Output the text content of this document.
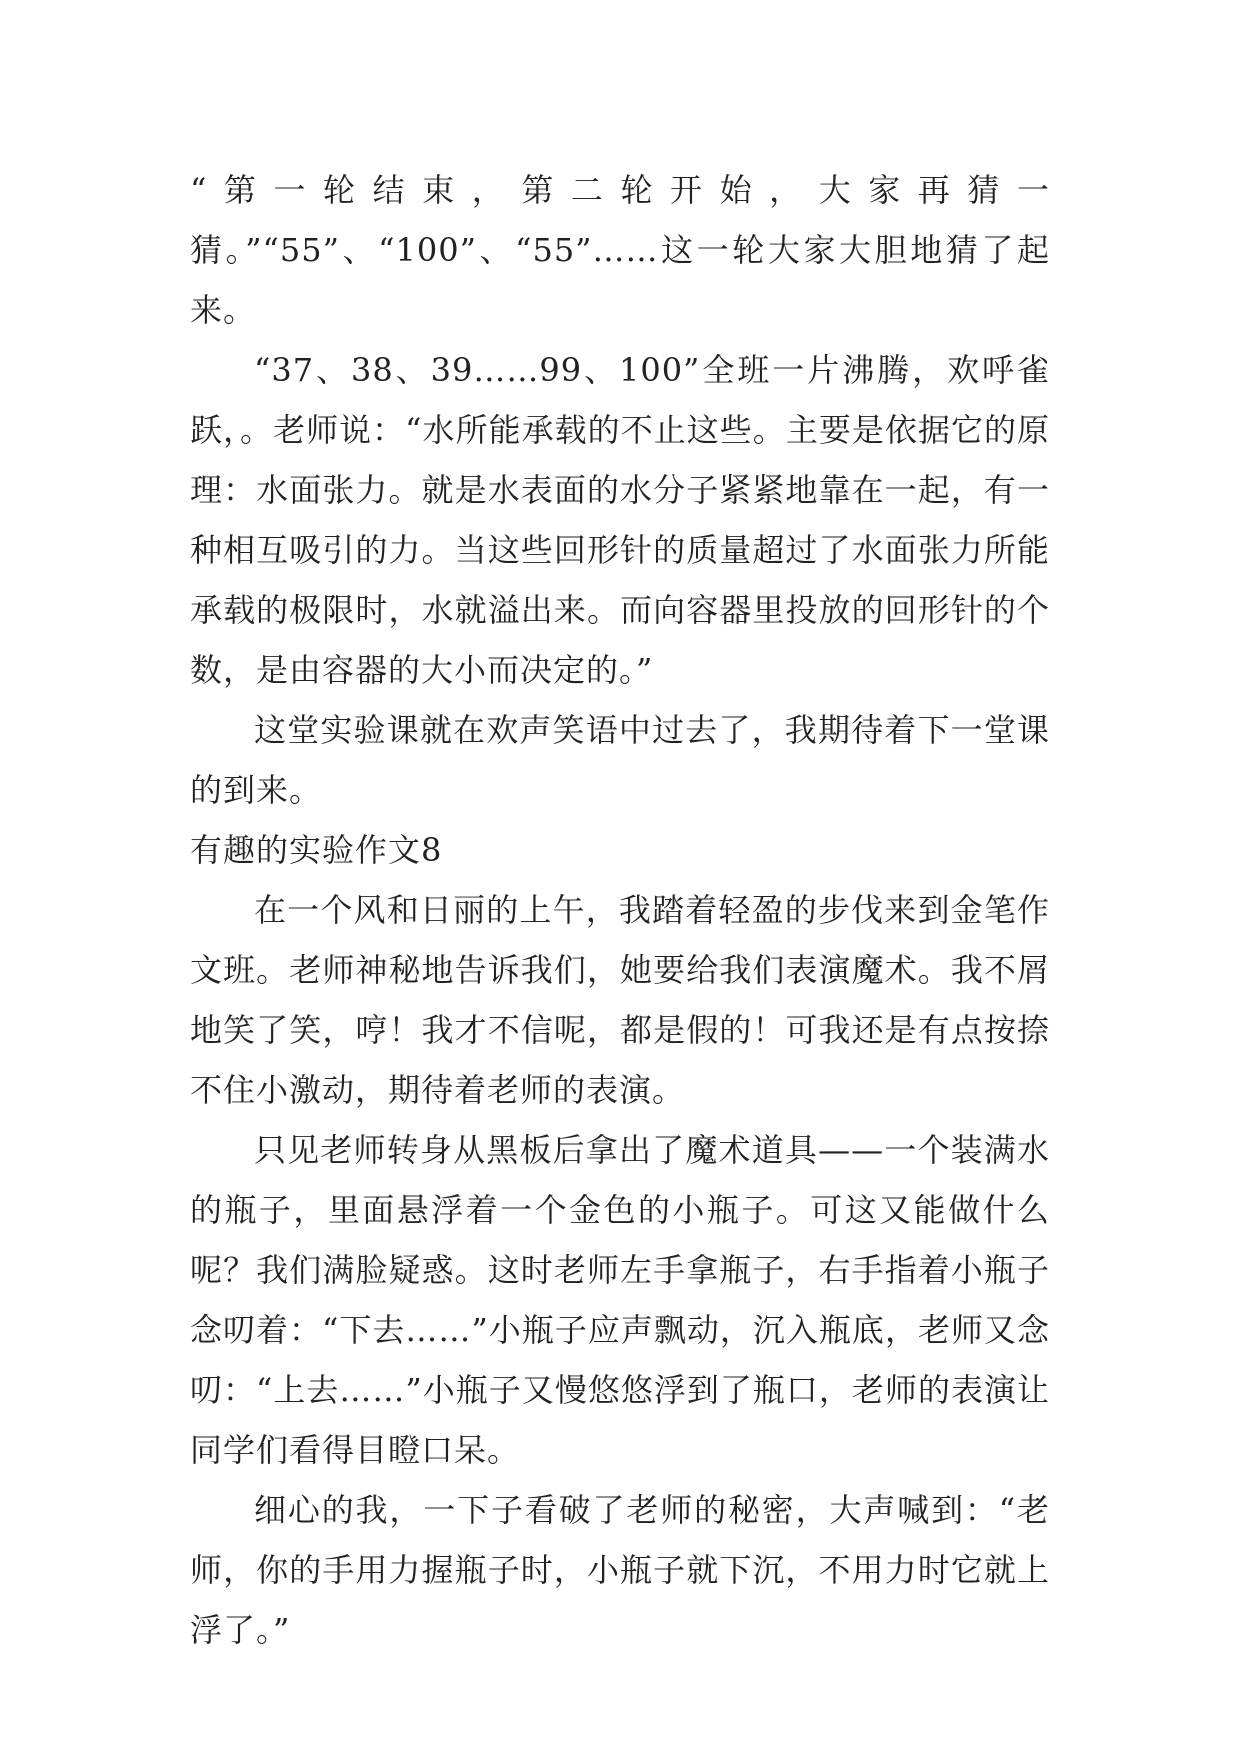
“第一轮结束，第二轮开始，大家再猜一猜。”“55”、“100”、“55”……这一轮大家大胆地猜了起来。

“37、38、39……99、100”全班一片沸腾，欢呼雀跃，。老师说：“水所能承载的不止这些。主要是依据它的原理：水面张力。就是水表面的水分子紧紧地靠在一起，有一种相互吸引的力。当这些回形针的质量超过了水面张力所能承载的极限时，水就溢出来。而向容器里投放的回形针的个数，是由容器的大小而决定的。”

这堂实验课就在欢声笑语中过去了，我期待着下一堂课的到来。

有趣的实验作文8

在一个风和日丽的上午，我踏着轻盈的步伐来到金笔作文班。老师神秘地告诉我们，她要给我们表演魔术。我不屑地笑了笑，哼！我才不信呢，都是假的！可我还是有点按捺不住小激动，期待着老师的表演。

只见老师转身从黑板后拿出了魔术道具——一个装满水的瓶子，里面悬浮着一个金色的小瓶子。可这又能做什么呢？我们满脸疑惑。这时老师左手拿瓶子，右手指着小瓶子念叨着：“下去……”小瓶子应声飘动，沉入瓶底，老师又念叨：“上去……”小瓶子又慢悠悠浮到了瓶口，老师的表演让同学们看得目瞪口呆。

细心的我，一下子看破了老师的秘密，大声喊到：“老师，你的手用力握瓶子时，小瓶子就下沉，不用力时它就上浮了。”
